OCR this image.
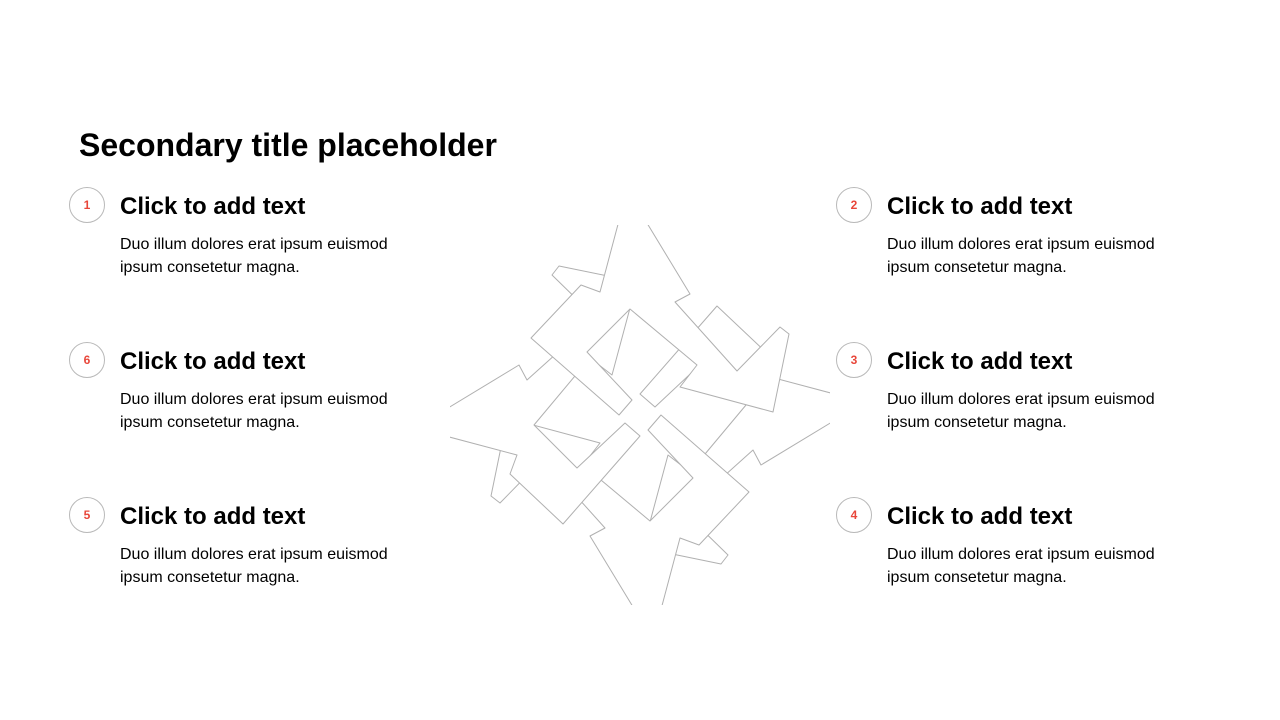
Secondary title placeholder
1	Click to add text
Duo illum dolores erat ipsum euismod ipsum consetetur magna.
6	Click to add text
Duo illum dolores erat ipsum euismod ipsum consetetur magna.
5	Click to add text
Duo illum dolores erat ipsum euismod ipsum consetetur magna.
2	Click to add text
Duo illum dolores erat ipsum euismod ipsum consetetur magna.
3	Click to add text
Duo illum dolores erat ipsum euismod ipsum consetetur magna.
4	Click to add text
Duo illum dolores erat ipsum euismod ipsum consetetur magna.
